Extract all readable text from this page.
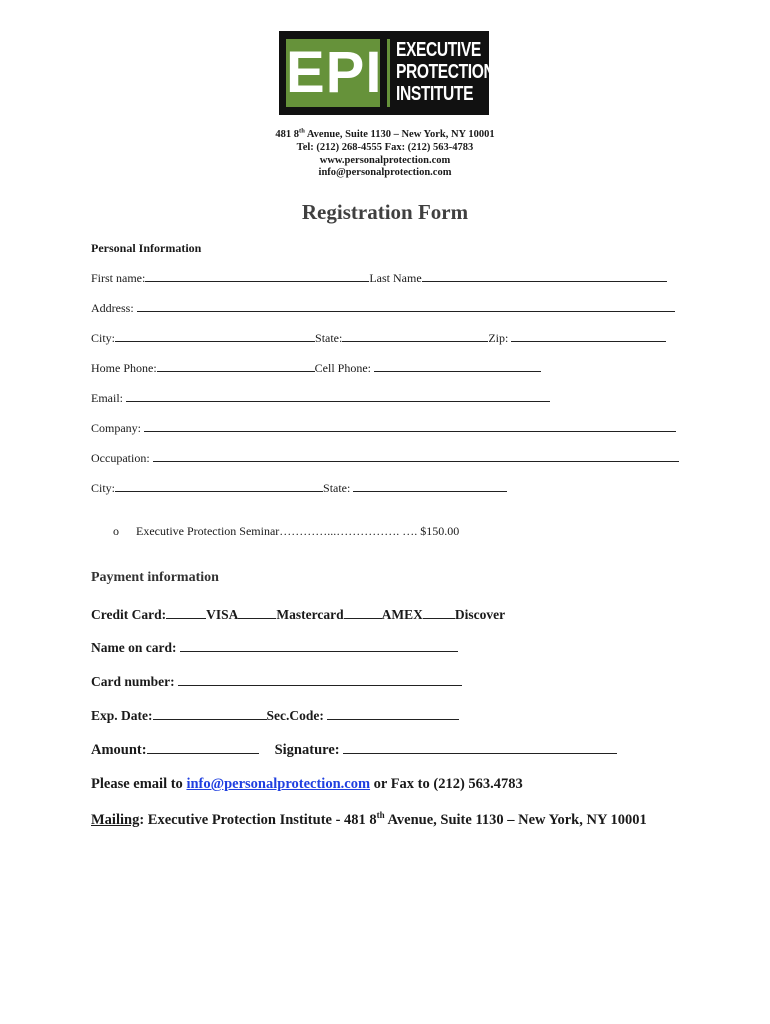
EPI EXECUTIVE
PROTECTION
INSTITUTE
481 8th Avenue, Suite 1130 – New York, NY 10001
Tel: (212) 268-4555 Fax: (212) 563-4783
www.personalprotection.com
info@personalprotection.com
Registration Form
Personal Information
First name:	Last Name
Address:
City:	State:	Zip:
Home Phone:	Cell Phone:
Email:
Company:
Occupation:
City:	State:
o Executive Protection Seminar…………...……………. …. $150.00
Payment information
Credit Card:	VISA	Mastercard	AMEX Discover
Name on card:
Card number:
Exp. Date:	Sec.Code:
Amount:	Signature:
Please email to info@personalprotection.com or Fax to (212) 563.4783
Mailing: Executive Protection Institute - 481 8th Avenue, Suite 1130 – New York, NY 10001
